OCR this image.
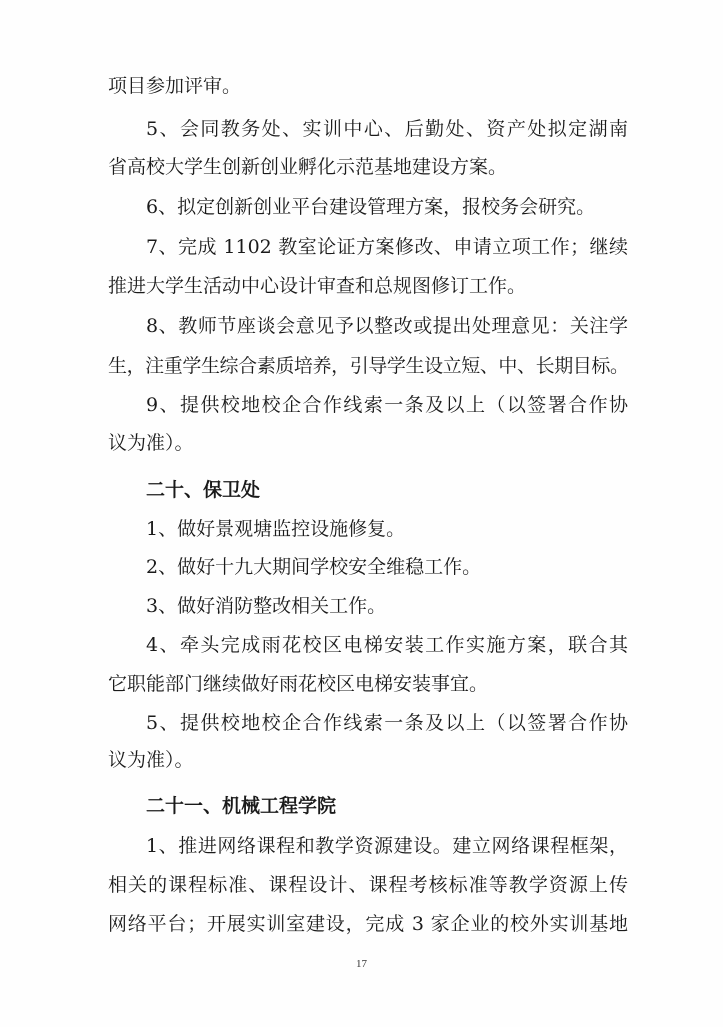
项目参加评审。
5、会同教务处、实训中心、后勤处、资产处拟定湖南
省高校大学生创新创业孵化示范基地建设方案。
6、拟定创新创业平台建设管理方案，报校务会研究。
7、完成 1102 教室论证方案修改、申请立项工作；继续
推进大学生活动中心设计审查和总规图修订工作。
8、教师节座谈会意见予以整改或提出处理意见：关注学
生，注重学生综合素质培养，引导学生设立短、中、长期目标。
9、提供校地校企合作线索一条及以上（以签署合作协
议为准）。
二十、保卫处
1、做好景观塘监控设施修复。
2、做好十九大期间学校安全维稳工作。
3、做好消防整改相关工作。
4、牵头完成雨花校区电梯安装工作实施方案，联合其
它职能部门继续做好雨花校区电梯安装事宜。
5、提供校地校企合作线索一条及以上（以签署合作协
议为准）。
二十一、机械工程学院
1、推进网络课程和教学资源建设。建立网络课程框架，
相关的课程标准、课程设计、课程考核标准等教学资源上传
网络平台；开展实训室建设，完成 3 家企业的校外实训基地
17
